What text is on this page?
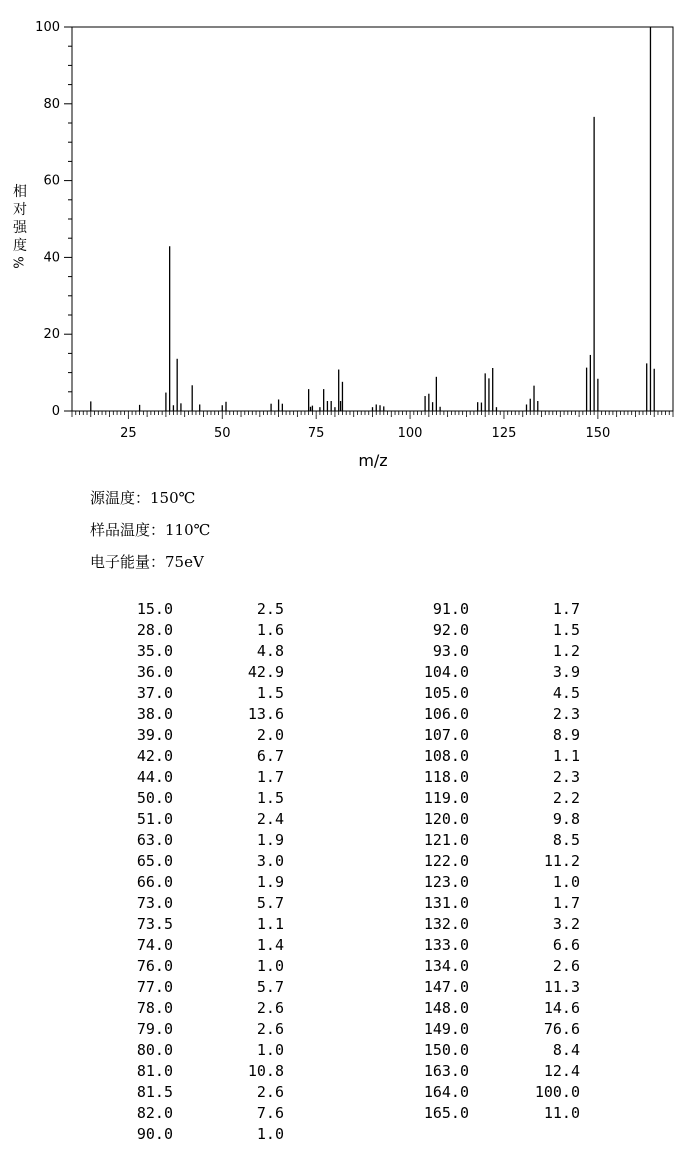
0
20
40
60
80
100
25	50	75	100	125	150
m/z
相
对
强
度
%
源温度：150℃
样品温度：110℃
电子能量：75eV
15.0	2.5
28.0	1.6
35.0	4.8
36.0	42.9
37.0	1.5
38.0	13.6
39.0	2.0
42.0	6.7
44.0	1.7
50.0	1.5
51.0	2.4
63.0	1.9
65.0	3.0
66.0	1.9
73.0	5.7
73.5	1.1
74.0	1.4
76.0	1.0
77.0	5.7
78.0	2.6
79.0	2.6
80.0	1.0
81.0	10.8
81.5	2.6
82.0	7.6
90.0	1.0
91.0	1.7
92.0	1.5
93.0	1.2
104.0	3.9
105.0	4.5
106.0	2.3
107.0	8.9
108.0	1.1
118.0	2.3
119.0	2.2
120.0	9.8
121.0	8.5
122.0	11.2
123.0	1.0
131.0	1.7
132.0	3.2
133.0	6.6
134.0	2.6
147.0	11.3
148.0	14.6
149.0	76.6
150.0	8.4
163.0	12.4
164.0	100.0
165.0	11.0
